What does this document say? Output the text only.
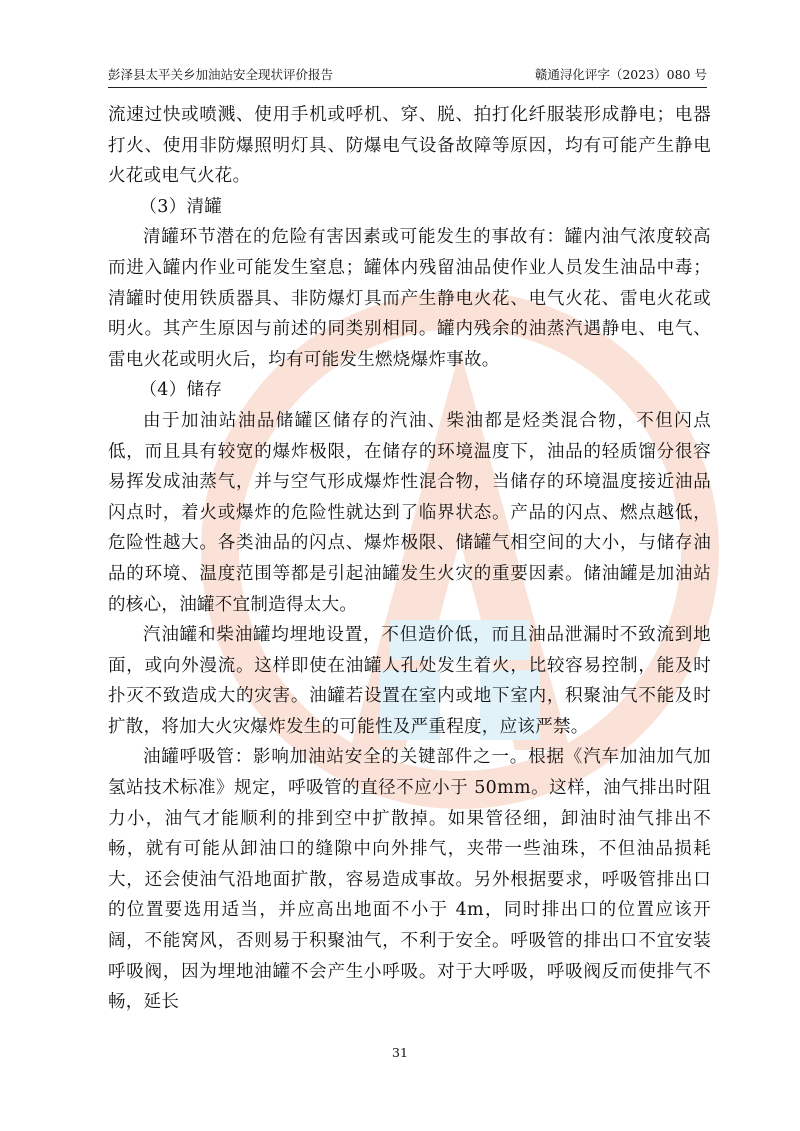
彭泽县太平关乡加油站安全现状评价报告	赣通浔化评字（2023）080 号

流速过快或喷溅、使用手机或呼机、穿、脱、拍打化纤服装形成静电；电器打火、使用非防爆照明灯具、防爆电气设备故障等原因，均有可能产生静电火花或电气火花。

（3）清罐

清罐环节潜在的危险有害因素或可能发生的事故有：罐内油气浓度较高而进入罐内作业可能发生窒息；罐体内残留油品使作业人员发生油品中毒；清罐时使用铁质器具、非防爆灯具而产生静电火花、电气火花、雷电火花或明火。其产生原因与前述的同类别相同。罐内残余的油蒸汽遇静电、电气、雷电火花或明火后，均有可能发生燃烧爆炸事故。

（4）储存

由于加油站油品储罐区储存的汽油、柴油都是烃类混合物，不但闪点低，而且具有较宽的爆炸极限，在储存的环境温度下，油品的轻质馏分很容易挥发成油蒸气，并与空气形成爆炸性混合物，当储存的环境温度接近油品闪点时，着火或爆炸的危险性就达到了临界状态。产品的闪点、燃点越低，危险性越大。各类油品的闪点、爆炸极限、储罐气相空间的大小，与储存油品的环境、温度范围等都是引起油罐发生火灾的重要因素。储油罐是加油站的核心，油罐不宜制造得太大。

汽油罐和柴油罐均埋地设置，不但造价低，而且油品泄漏时不致流到地面，或向外漫流。这样即使在油罐人孔处发生着火，比较容易控制，能及时扑灭不致造成大的灾害。油罐若设置在室内或地下室内，积聚油气不能及时扩散，将加大火灾爆炸发生的可能性及严重程度，应该严禁。

油罐呼吸管：影响加油站安全的关键部件之一。根据《汽车加油加气加氢站技术标准》规定，呼吸管的直径不应小于 50mm。这样，油气排出时阻力小，油气才能顺利的排到空中扩散掉。如果管径细，卸油时油气排出不畅，就有可能从卸油口的缝隙中向外排气，夹带一些油珠，不但油品损耗大，还会使油气沿地面扩散，容易造成事故。另外根据要求，呼吸管排出口的位置要选用适当，并应高出地面不小于 4m，同时排出口的位置应该开阔，不能窝风，否则易于积聚油气，不利于安全。呼吸管的排出口不宜安装呼吸阀，因为埋地油罐不会产生小呼吸。对于大呼吸，呼吸阀反而使排气不畅，延长

31
